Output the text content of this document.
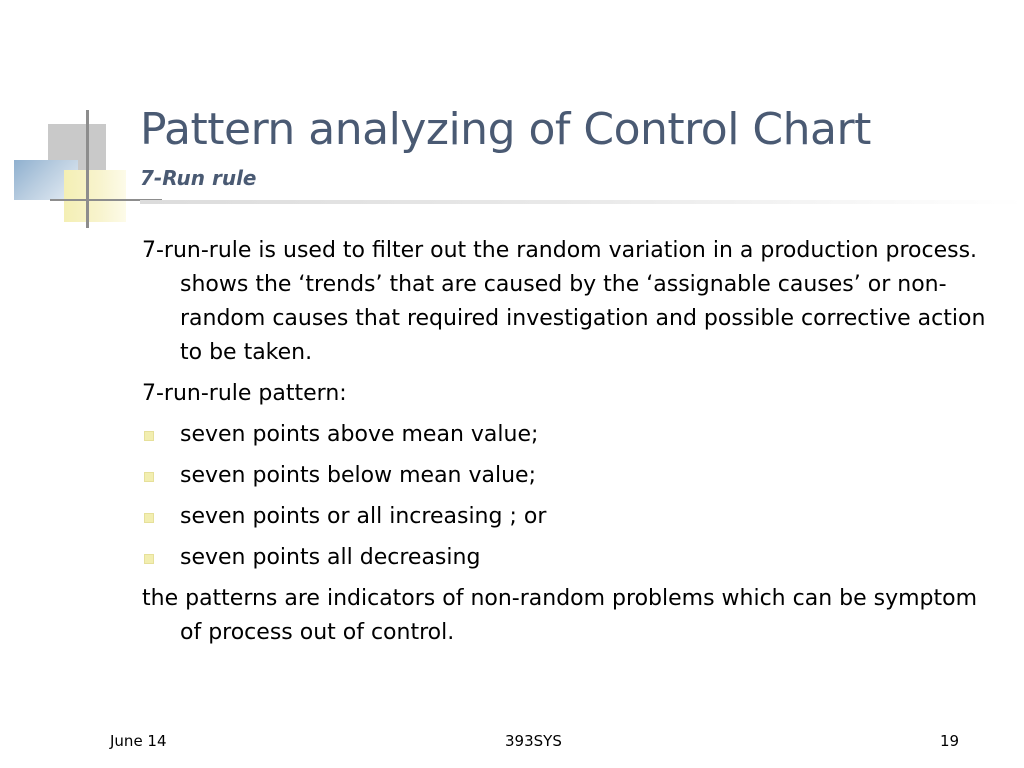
Pattern analyzing of Control Chart
7-Run rule

7-run-rule is used to filter out the random variation in a production process. shows the ‘trends’ that are caused by the ‘assignable causes’ or non-random causes that required investigation and possible corrective action to be taken.

7-run-rule pattern:

seven points above mean value;
seven points below mean value;
seven points or all increasing ; or
seven points all decreasing

the patterns are indicators of non-random problems which can be symptom of process out of control.

June 14	393SYS	19
